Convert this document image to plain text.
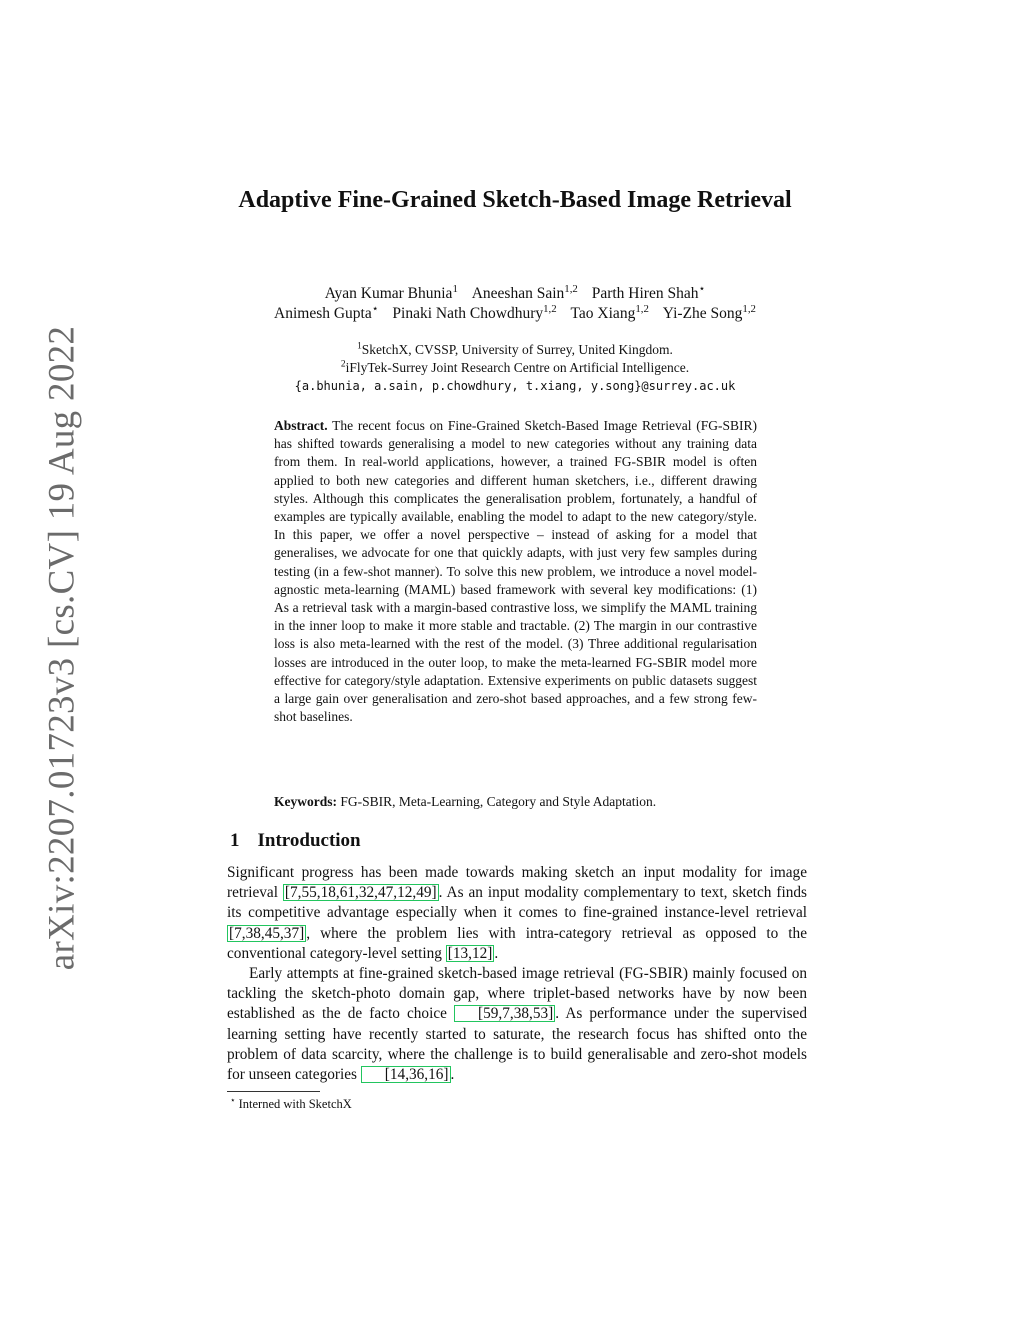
arXiv:2207.01723v3 [cs.CV] 19 Aug 2022
Adaptive Fine-Grained Sketch-Based Image Retrieval
Ayan Kumar Bhunia$^1$ Aneeshan Sain$^{1,2}$ Parth Hiren Shah⋆
Animesh Gupta⋆ Pinaki Nath Chowdhury$^{1,2}$ Tao Xiang$^{1,2}$ Yi-Zhe Song$^{1,2}$
$^1$SketchX, CVSSP, University of Surrey, United Kingdom.
$^2$iFlyTek-Surrey Joint Research Centre on Artificial Intelligence.
{a.bhunia, a.sain, p.chowdhury, t.xiang, y.song}@surrey.ac.uk
Abstract. The recent focus on Fine-Grained Sketch-Based Image Retrieval (FG-SBIR) has shifted towards generalising a model to new categories without any training data from them. In real-world applications, however, a trained FG-SBIR model is often applied to both new categories and different human sketchers, i.e., different drawing styles. Although this complicates the generalisation problem, fortunately, a handful of examples are typically available, enabling the model to adapt to the new category/style. In this paper, we offer a novel perspective – instead of asking for a model that generalises, we advocate for one that quickly adapts, with just very few samples during testing (in a few-shot manner). To solve this new problem, we introduce a novel model-agnostic meta-learning (MAML) based framework with several key modifications: (1) As a retrieval task with a margin-based contrastive loss, we simplify the MAML training in the inner loop to make it more stable and tractable. (2) The margin in our contrastive loss is also meta-learned with the rest of the model. (3) Three additional regularisation losses are introduced in the outer loop, to make the meta-learned FG-SBIR model more effective for category/style adaptation. Extensive experiments on public datasets suggest a large gain over generalisation and zero-shot based approaches, and a few strong few-shot baselines.
Keywords: FG-SBIR, Meta-Learning, Category and Style Adaptation.
1 Introduction

Significant progress has been made towards making sketch an input modality for image retrieval [7,55,18,61,32,47,12,49] . As an input modality complementary to text, sketch finds its competitive advantage especially when it comes to fine-grained instance-level retrieval [7,38,45,37] , where the problem lies with intra-category retrieval as opposed to the conventional category-level setting [13,12] .

Early attempts at fine-grained sketch-based image retrieval (FG-SBIR) mainly focused on tackling the sketch-photo domain gap, where triplet-based networks have by now been established as the de facto choice [59,7,38,53] . As performance under the supervised learning setting have recently started to saturate, the research focus has shifted onto the problem of data scarcity, where the challenge is to build generalisable and zero-shot models for unseen categories [14,36,16] .

⋆ Interned with SketchX
